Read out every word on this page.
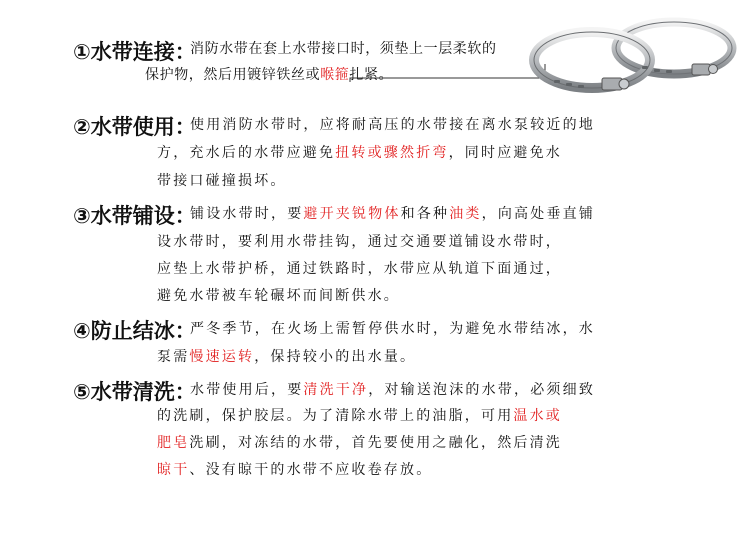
①水带连接：
消防水带在套上水带接口时，须垫上一层柔软的
保护物，然后用镀锌铁丝或喉箍扎紧。
②水带使用：
使用消防水带时，应将耐高压的水带接在离水泵较近的地
方，充水后的水带应避免扭转或骤然折弯，同时应避免水
带接口碰撞损坏。
③水带铺设：
铺设水带时，要避开夹锐物体和各种油类，向高处垂直铺
设水带时，要利用水带挂钩，通过交通要道铺设水带时，
应垫上水带护桥，通过铁路时，水带应从轨道下面通过，
避免水带被车轮碾坏而间断供水。
④防止结冰：
严冬季节，在火场上需暂停供水时，为避免水带结冰，水
泵需慢速运转，保持较小的出水量。
⑤水带清洗：
水带使用后，要清洗干净，对输送泡沫的水带，必须细致
的洗刷，保护胶层。为了清除水带上的油脂，可用温水或
肥皂洗刷，对冻结的水带，首先要使用之融化，然后清洗
晾干、没有晾干的水带不应收卷存放。
